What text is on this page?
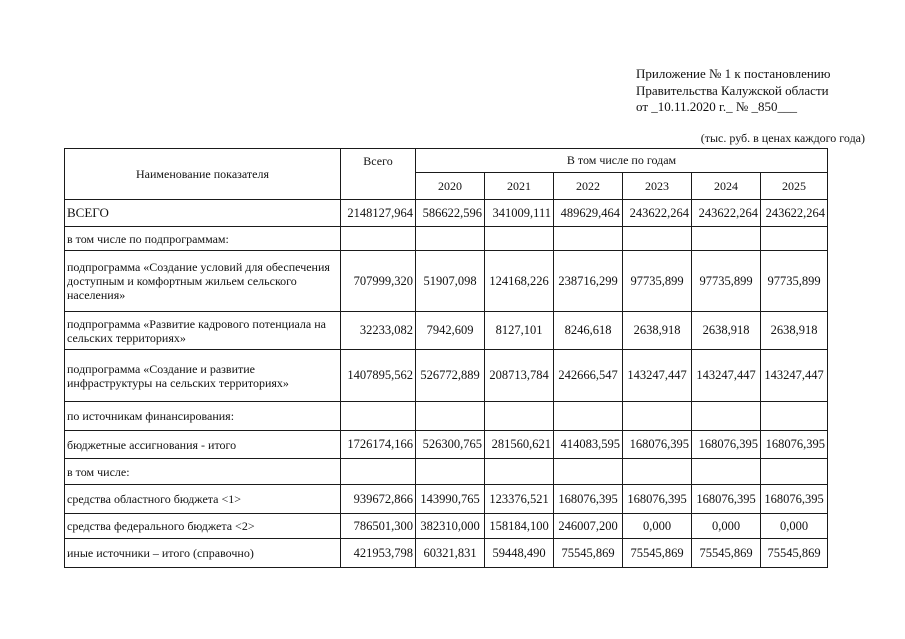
Приложение № 1 к постановлению
Правительства Калужской области
от _10.11.2020 г._ № _850___
(тыс. руб. в ценах каждого года)
Наименование показателя	Всего	В том числе по годам					
		2020	2021	2022	2023	2024	2025
ВСЕГО	2148127,964	586622,596	341009,111	489629,464	243622,264	243622,264	243622,264
в том числе по подпрограммам:							
подпрограмма «Создание условий для обеспечения доступным и комфортным жильем сельского населения»	707999,320	51907,098	124168,226	238716,299	97735,899	97735,899	97735,899
подпрограмма «Развитие кадрового потенциала на сельских территориях»	32233,082	7942,609	8127,101	8246,618	2638,918	2638,918	2638,918
подпрограмма «Создание и развитие инфраструктуры на сельских территориях»	1407895,562	526772,889	208713,784	242666,547	143247,447	143247,447	143247,447
по источникам финансирования:							
бюджетные ассигнования - итого	1726174,166	526300,765	281560,621	414083,595	168076,395	168076,395	168076,395
в том числе:							
средства областного бюджета <1>	939672,866	143990,765	123376,521	168076,395	168076,395	168076,395	168076,395
средства федерального бюджета <2>	786501,300	382310,000	158184,100	246007,200	0,000	0,000	0,000
иные источники – итого (справочно)	421953,798	60321,831	59448,490	75545,869	75545,869	75545,869	75545,869
